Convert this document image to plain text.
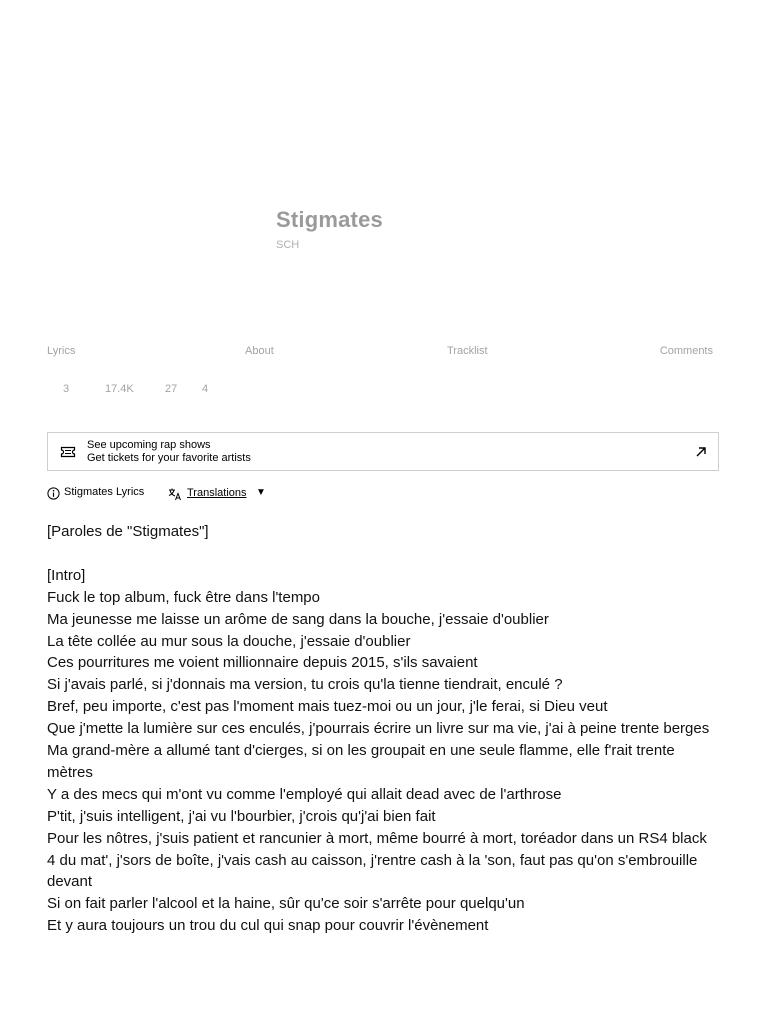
Stigmates
SCH
Lyrics	About	Tracklist	Comments
3	17.4K	27 4
See upcoming rap shows
Get tickets for your favorite artists
Stigmates Lyrics	Translations ▼
[Paroles de "Stigmates"]
[Intro]
Fuck le top album, fuck être dans l'tempo
Ma jeunesse me laisse un arôme de sang dans la bouche, j'essaie d'oublier
La tête collée au mur sous la douche, j'essaie d'oublier
Ces pourritures me voient millionnaire depuis 2015, s'ils savaient
Si j'avais parlé, si j'donnais ma version, tu crois qu'la tienne tiendrait, enculé ?
Bref, peu importe, c'est pas l'moment mais tuez-moi ou un jour, j'le ferai, si Dieu veut
Que j'mette la lumière sur ces enculés, j'pourrais écrire un livre sur ma vie, j'ai à peine trente berges
Ma grand-mère a allumé tant d'cierges, si on les groupait en une seule flamme, elle f'rait trente mètres
Y a des mecs qui m'ont vu comme l'employé qui allait dead avec de l'arthrose
P'tit, j'suis intelligent, j'ai vu l'bourbier, j'crois qu'j'ai bien fait
Pour les nôtres, j'suis patient et rancunier à mort, même bourré à mort, toréador dans un RS4 black
4 du mat', j'sors de boîte, j'vais cash au caisson, j'rentre cash à la 'son, faut pas qu'on s'embrouille devant
Si on fait parler l'alcool et la haine, sûr qu'ce soir s'arrête pour quelqu'un
Et y aura toujours un trou du cul qui snap pour couvrir l'évènement
